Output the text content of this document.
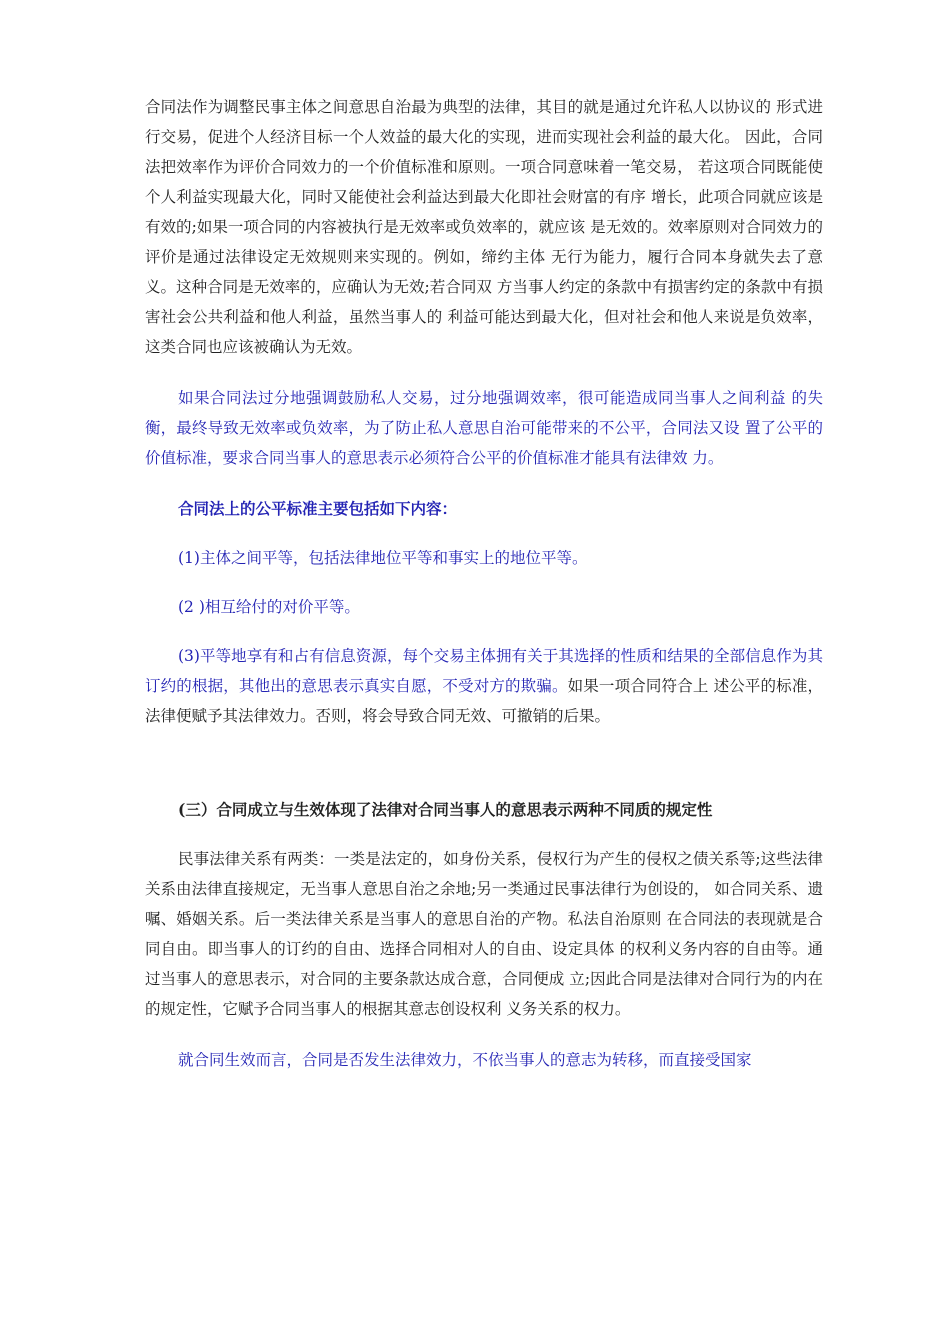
合同法作为调整民事主体之间意思自治最为典型的法律，其目的就是通过允许私人以协议的 形式进行交易，促进个人经济目标一个人效益的最大化的实现，进而实现社会利益的最大化。 因此，合同法把效率作为评价合同效力的一个价值标准和原则。一项合同意味着一笔交易， 若这项合同既能使个人利益实现最大化，同时又能使社会利益达到最大化即社会财富的有序 增长，此项合同就应该是有效的;如果一项合同的内容被执行是无效率或负效率的，就应该 是无效的。效率原则对合同效力的评价是通过法律设定无效规则来实现的。例如，缔约主体 无行为能力，履行合同本身就失去了意义。这种合同是无效率的，应确认为无效;若合同双 方当事人约定的条款中有损害约定的条款中有损害社会公共利益和他人利益，虽然当事人的 利益可能达到最大化，但对社会和他人来说是负效率，这类合同也应该被确认为无效。

如果合同法过分地强调鼓励私人交易，过分地强调效率，很可能造成同当事人之间利益 的失衡，最终导致无效率或负效率，为了防止私人意思自治可能带来的不公平，合同法又设 置了公平的价值标准，要求合同当事人的意思表示必须符合公平的价值标准才能具有法律效 力。

合同法上的公平标准主要包括如下内容：

(1)主体之间平等，包括法律地位平等和事实上的地位平等。

(2 )相互给付的对价平等。

(3)平等地享有和占有信息资源，每个交易主体拥有关于其选择的性质和结果的全部信息作为其订约的根据，其他出的意思表示真实自愿，不受对方的欺骗。如果一项合同符合上 述公平的标准，法律便赋予其法律效力。否则，将会导致合同无效、可撤销的后果。

(三）合同成立与生效体现了法律对合同当事人的意思表示两种不同质的规定性

民事法律关系有两类：一类是法定的，如身份关系，侵权行为产生的侵权之债关系等;这些法律关系由法律直接规定，无当事人意思自治之余地;另一类通过民事法律行为创设的， 如合同关系、遗嘱、婚姻关系。后一类法律关系是当事人的意思自治的产物。私法自治原则 在合同法的表现就是合同自由。即当事人的订约的自由、选择合同相对人的自由、设定具体 的权利义务内容的自由等。通过当事人的意思表示，对合同的主要条款达成合意，合同便成 立;因此合同是法律对合同行为的内在的规定性，它赋予合同当事人的根据其意志创设权利 义务关系的权力。

就合同生效而言，合同是否发生法律效力，不依当事人的意志为转移，而直接受国家
